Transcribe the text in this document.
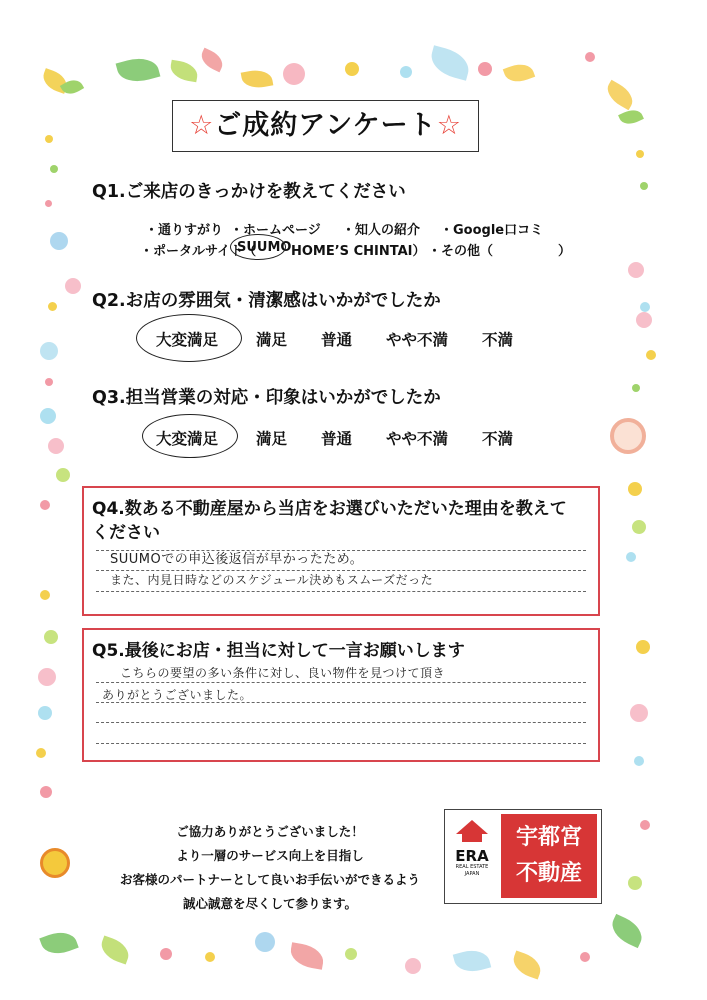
☆ご成約アンケート☆
Q1.ご来店のきっかけを教えてください
・通りすがり ・ホームページ ・知人の紹介 ・Google口コミ
・ポータルサイト（
SUUMO HOME’S CHINTAI） ・その他（　　　　　）
Q2.お店の雰囲気・清潔感はいかがでしたか
大変満足 満足 普通 やや不満 不満
Q3.担当営業の対応・印象はいかがでしたか
大変満足 満足 普通 やや不満 不満
Q4.数ある不動産屋から当店をお選びいただいた理由を教えて
ください
SUUMOでの申込後返信が早かったため。
また、内見日時などのスケジュール決めもスムーズだった
Q5.最後にお店・担当に対して一言お願いします
こちらの要望の多い条件に対し、良い物件を見つけて頂き
ありがとうございました。
ご協力ありがとうございました！
より一層のサービス向上を目指し
お客様のパートナーとして良いお手伝いができるよう
誠心誠意を尽くして参ります。
ERA
REAL ESTATE
JAPAN
宇都宮
不動産
